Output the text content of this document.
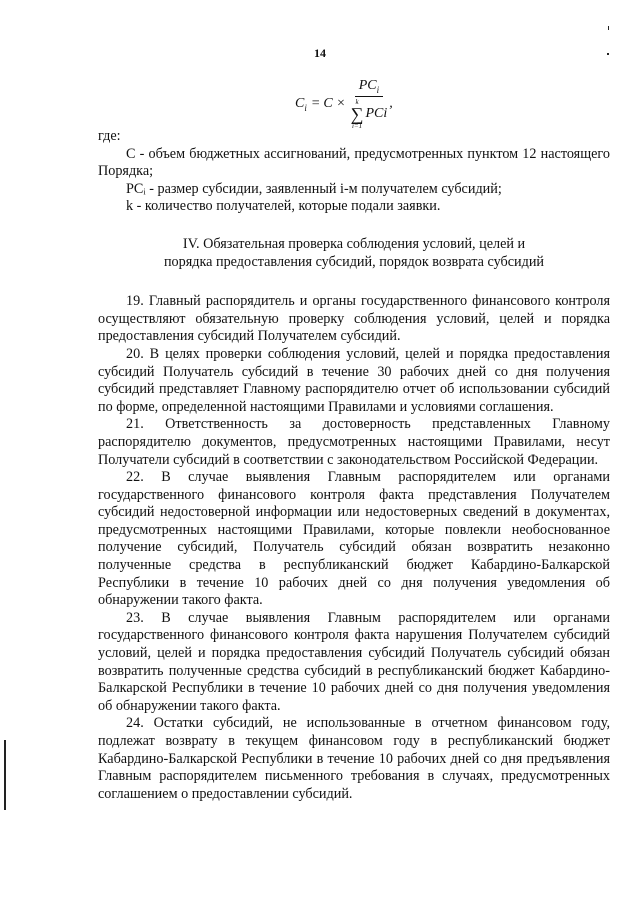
14
$C_i = C \times PC_i$
k
∑
i=1
PCi ,

где:

С - объем бюджетных ассигнований, предусмотренных пунктом 12 настоящего Порядка;

PCᵢ - размер субсидии, заявленный i-м получателем субсидий;

k - количество получателей, которые подали заявки.

IV. Обязательная проверка соблюдения условий, целей и
порядка предоставления субсидий, порядок возврата субсидий

19. Главный распорядитель и органы государственного финансового контроля осуществляют обязательную проверку соблюдения условий, целей и порядка предоставления субсидий Получателем субсидий.

20. В целях проверки соблюдения условий, целей и порядка предоставления субсидий Получатель субсидий в течение 30 рабочих дней со дня получения субсидий представляет Главному распорядителю отчет об использовании субсидий по форме, определенной настоящими Правилами и условиями соглашения.

21. Ответственность за достоверность представленных Главному распорядителю документов, предусмотренных настоящими Правилами, несут Получатели субсидий в соответствии с законодательством Российской Федерации.

22. В случае выявления Главным распорядителем или органами государственного финансового контроля факта представления Получателем субсидий недостоверной информации или недостоверных сведений в документах, предусмотренных настоящими Правилами, которые повлекли необоснованное получение субсидий, Получатель субсидий обязан возвратить незаконно полученные средства в республиканский бюджет Кабардино-Балкарской Республики в течение 10 рабочих дней со дня получения уведомления об обнаружении такого факта.

23. В случае выявления Главным распорядителем или органами государственного финансового контроля факта нарушения Получателем субсидий условий, целей и порядка предоставления субсидий Получатель субсидий обязан возвратить полученные средства субсидий в республиканский бюджет Кабардино-Балкарской Республики в течение 10 рабочих дней со дня получения уведомления об обнаружении такого факта.

24. Остатки субсидий, не использованные в отчетном финансовом году, подлежат возврату в текущем финансовом году в республиканский бюджет Кабардино-Балкарской Республики в течение 10 рабочих дней со дня предъявления Главным распорядителем письменного требования в случаях, предусмотренных соглашением о предоставлении субсидий.
